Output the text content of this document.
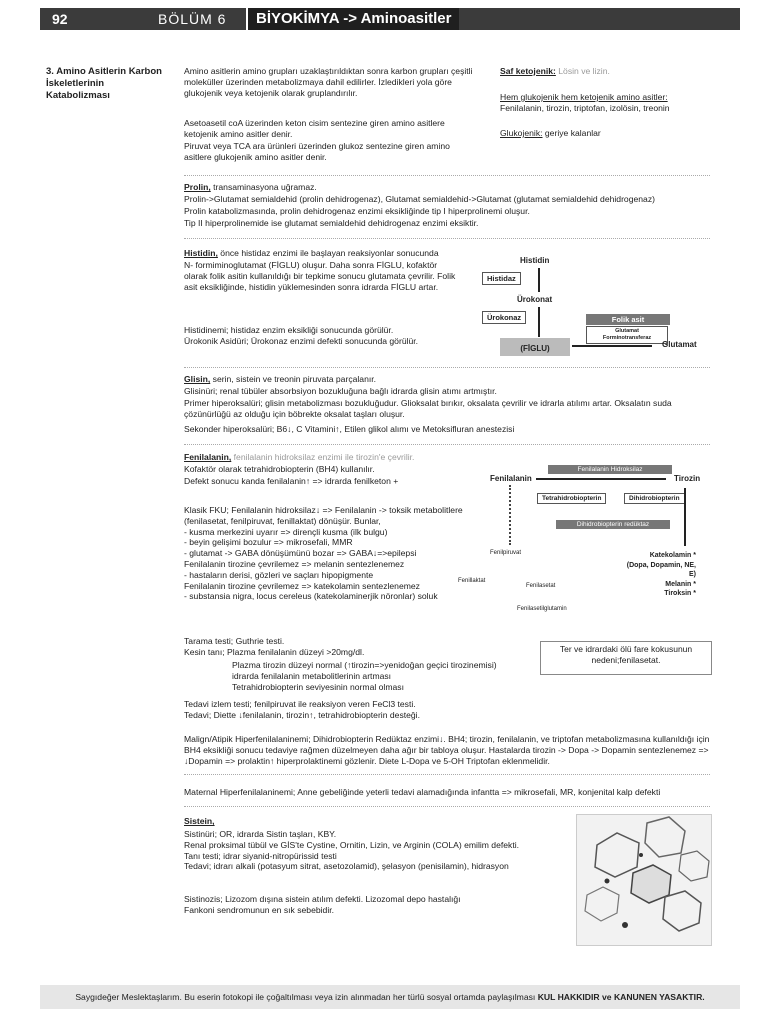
92	BÖLÜM 6	BİYOKİMYA -> Aminoasitler
3. Amino Asitlerin Karbon İskeletlerinin
Katabolizması
Amino asitlerin amino grupları uzaklaştırıldıktan sonra karbon grupları çeşitli moleküller üzerinden metabolizmaya dahil edilirler. İzledikleri yola göre glukojenik veya ketojenik olarak gruplandırılır.
Asetoasetil coA üzerinden keton cisim sentezine giren amino asitlere ketojenik amino asitler denir.
Piruvat veya TCA ara ürünleri üzerinden glukoz sentezine giren amino asitlere glukojenik amino asitler denir.
Saf ketojenik: Lösin ve lizin.
Hem glukojenik hem ketojenik amino asitler:
Fenilalanin, tirozin, triptofan, izolösin, treonin
Glukojenik: geriye kalanlar
Prolin, transaminasyona uğramaz.
Prolin->Glutamat semialdehid (prolin dehidrogenaz), Glutamat semialdehid->Glutamat (glutamat semialdehid dehidrogenaz)
Prolin katabolizmasında, prolin dehidrogenaz enzimi eksikliğinde tip I hiperprolinemi oluşur.
Tip II hiperprolinemide ise glutamat semialdehid dehidrogenaz enzimi eksiktir.
Histidin, önce histidaz enzimi ile başlayan reaksiyonlar sonucunda
N- formiminoglutamat (FİGLU) oluşur. Daha sonra FİGLU, kofaktör olarak folik asitin kullanıldığı bir tepkime sonucu glutamata çevrilir. Folik asit eksikliğinde, histidin yüklemesinden sonra idrarda FİGLU artar.
Histidinemi; histidaz enzim eksikliği sonucunda görülür.
Ürokonik Asidüri; Ürokonaz enzimi defekti sonucunda görülür.
Histidin
Histidaz
Ürokonat
Ürokonaz
(FİGLU)
Folik asit
Glutamat
Forminotransferaz
Glutamat
Glisin, serin, sistein ve treonin piruvata parçalanır.
Glisinüri; renal tübüler absorbsiyon bozukluğuna bağlı idrarda glisin atımı artmıştır.
Primer hiperoksalüri; glisin metabolizması bozukluğudur. Glioksalat bırıkır, oksalata çevrilir ve idrarla atılımı artar. Oksalatın suda çözünürlüğü az olduğu için böbrekte oksalat taşları oluşur.
Sekonder hiperoksalüri; B6↓, C Vitamini↑, Etilen glikol alımı ve Metoksifluran anestezisi
Fenilalanin, fenilalanin hidroksilaz enzimi ile tirozin'e çevrilir.
Kofaktör olarak tetrahidrobiopterin (BH4) kullanılır.
Defekt sonucu kanda fenilalanin↑ => idrarda fenilketon +
Klasik FKU; Fenilalanin hidroksilaz↓ => Fenilalanin -> toksik metabolitlere (fenilasetat, fenilpiruvat, fenillaktat) dönüşür. Bunlar,
- kusma merkezini uyarır => dirençli kusma (ilk bulgu)
- beyin gelişimi bozulur => mikrosefali, MMR
- glutamat -> GABA dönüşümünü bozar => GABA↓=>epilepsi
Fenilalanin tirozine çevrilemez => melanin sentezlenemez
- hastaların derisi, gözleri ve saçları hipopigmente
Fenilalanin tirozine çevrilemez => katekolamin sentezlenemez
- substansia nigra, locus cereleus (katekolaminerjik nöronlar) soluk
Fenilalanin
Fenilalanin Hidroksilaz
Tirozin
Tetrahidrobiopterin	Dihidrobiopterin
Dihidrobiopterin redüktaz
Fenilpiruvat
Fenillaktat
Fenilasetat
Fenilasetilglutamin
Katekolamin *
(Dopa, Dopamin, NE, E)
Melanin *
Tiroksin *
Tarama testi; Guthrie testi.
Kesin tanı; Plazma fenilalanin düzeyi >20mg/dl.
Plazma tirozin düzeyi normal (↑tirozin=>yenidoğan geçici tirozinemisi)
idrarda fenilalanin metabolitlerinin artması
Tetrahidrobiopterin seviyesinin normal olması
Tedavi izlem testi; fenilpiruvat ile reaksiyon veren FeCl3 testi.
Tedavi; Diette ↓fenilalanin, tirozin↑, tetrahidrobiopterin desteği.
Ter ve idrardaki ölü fare kokusunun nedeni;fenilasetat.
Malign/Atipik Hiperfenilalaninemi; Dihidrobiopterin Redüktaz enzimi↓. BH4; tirozin, fenilalanin, ve triptofan metabolizmasına kullanıldığı için BH4 eksikliği sonucu tedaviye rağmen düzelmeyen daha ağır bir tabloya oluşur. Hastalarda tirozin -> Dopa -> Dopamin sentezlenemez => ↓Dopamin => prolaktin↑ hiperprolaktinemi gözlenir. Diete L-Dopa ve 5-OH Triptofan eklenmelidir.
Maternal Hiperfenilalaninemi; Anne gebeliğinde yeterli tedavi alamadığında infantta => mikrosefali, MR, konjenital kalp defekti
Sistein,
Sistinüri; OR, idrarda Sistin taşları, KBY.
Renal proksimal tübül ve GİS'te Cystine, Ornitin, Lizin, ve Arginin (COLA) emilim defekti.
Tanı testi; idrar siyanid-nitropürissid testi
Tedavi; idrarı alkali (potasyum sitrat, asetozolamid), şelasyon (penisilamin), hidrasyon
Sistinozis; Lizozom dışına sistein atılım defekti. Lizozomal depo hastalığı
Fankoni sendromunun en sık sebebidir.
Saygıdeğer Meslektaşlarım. Bu eserin fotokopi ile çoğaltılması veya izin alınmadan her türlü sosyal ortamda paylaşılması KUL HAKKIDIR ve KANUNEN YASAKTIR.
